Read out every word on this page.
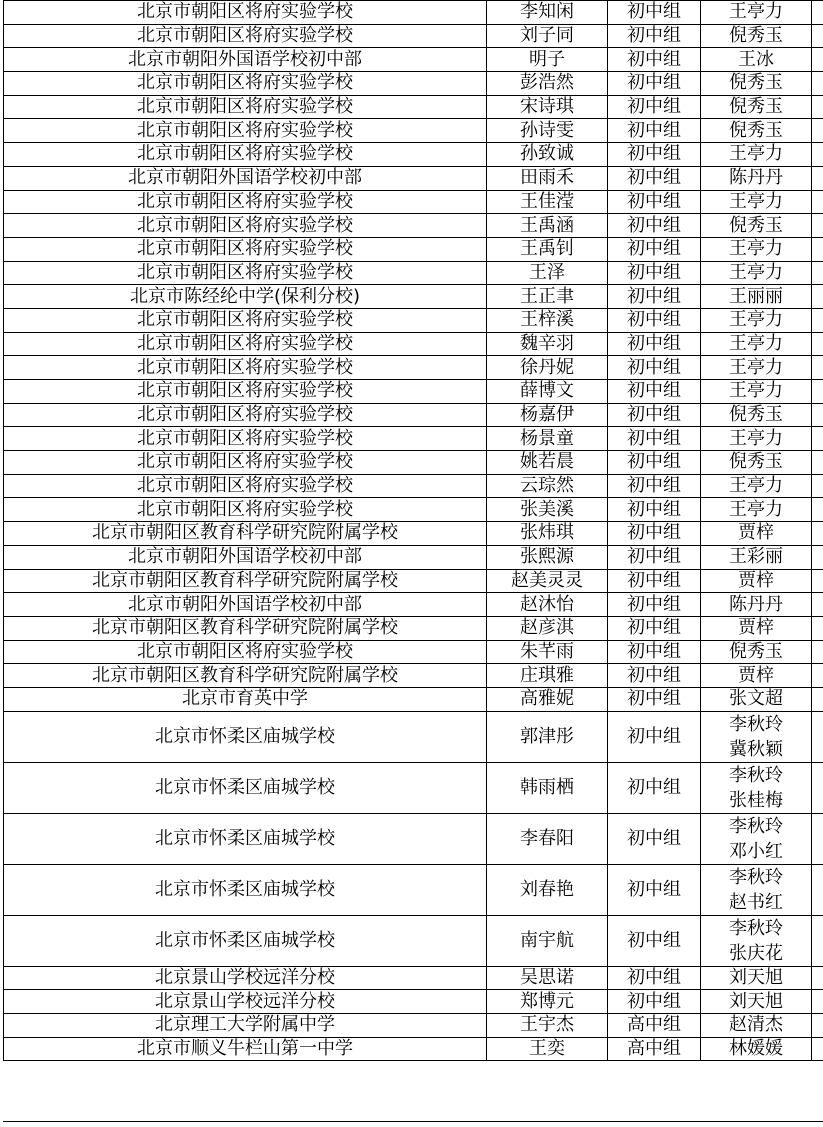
北京市朝阳区将府实验学校	李知闲	初中组	王亭力	
北京市朝阳区将府实验学校	刘子同	初中组	倪秀玉	
北京市朝阳外国语学校初中部	明子	初中组	王冰	
北京市朝阳区将府实验学校	彭浩然	初中组	倪秀玉	
北京市朝阳区将府实验学校	宋诗琪	初中组	倪秀玉	
北京市朝阳区将府实验学校	孙诗雯	初中组	倪秀玉	
北京市朝阳区将府实验学校	孙致诚	初中组	王亭力	
北京市朝阳外国语学校初中部	田雨禾	初中组	陈丹丹	
北京市朝阳区将府实验学校	王佳滢	初中组	王亭力	
北京市朝阳区将府实验学校	王禹涵	初中组	倪秀玉	
北京市朝阳区将府实验学校	王禹钊	初中组	王亭力	
北京市朝阳区将府实验学校	王泽	初中组	王亭力	
北京市陈经纶中学(保利分校)	王正聿	初中组	王丽丽	
北京市朝阳区将府实验学校	王梓溪	初中组	王亭力	
北京市朝阳区将府实验学校	魏辛羽	初中组	王亭力	
北京市朝阳区将府实验学校	徐丹妮	初中组	王亭力	
北京市朝阳区将府实验学校	薛博文	初中组	王亭力	
北京市朝阳区将府实验学校	杨嘉伊	初中组	倪秀玉	
北京市朝阳区将府实验学校	杨景童	初中组	王亭力	
北京市朝阳区将府实验学校	姚若晨	初中组	倪秀玉	
北京市朝阳区将府实验学校	云琮然	初中组	王亭力	
北京市朝阳区将府实验学校	张美溪	初中组	王亭力	
北京市朝阳区教育科学研究院附属学校	张炜琪	初中组	贾梓	
北京市朝阳外国语学校初中部	张熙源	初中组	王彩丽	
北京市朝阳区教育科学研究院附属学校	赵美灵灵	初中组	贾梓	
北京市朝阳外国语学校初中部	赵沐怡	初中组	陈丹丹	
北京市朝阳区教育科学研究院附属学校	赵彦淇	初中组	贾梓	
北京市朝阳区将府实验学校	朱芊雨	初中组	倪秀玉	
北京市朝阳区教育科学研究院附属学校	庄琪雅	初中组	贾梓	
北京市育英中学	高雅妮	初中组	张文超	
北京市怀柔区庙城学校	郭津彤	初中组	李秋玲
冀秋颖	

北京市怀柔区庙城学校	韩雨栖	初中组	李秋玲
张桂梅	

北京市怀柔区庙城学校	李春阳	初中组	李秋玲
邓小红	

北京市怀柔区庙城学校	刘春艳	初中组	李秋玲
赵书红	

北京市怀柔区庙城学校	南宇航	初中组	李秋玲
张庆花	

北京景山学校远洋分校	吴思诺	初中组	刘天旭	
北京景山学校远洋分校	郑博元	初中组	刘天旭	
北京理工大学附属中学	王宇杰	高中组	赵清杰	
北京市顺义牛栏山第一中学	王奕	高中组	林媛媛	
